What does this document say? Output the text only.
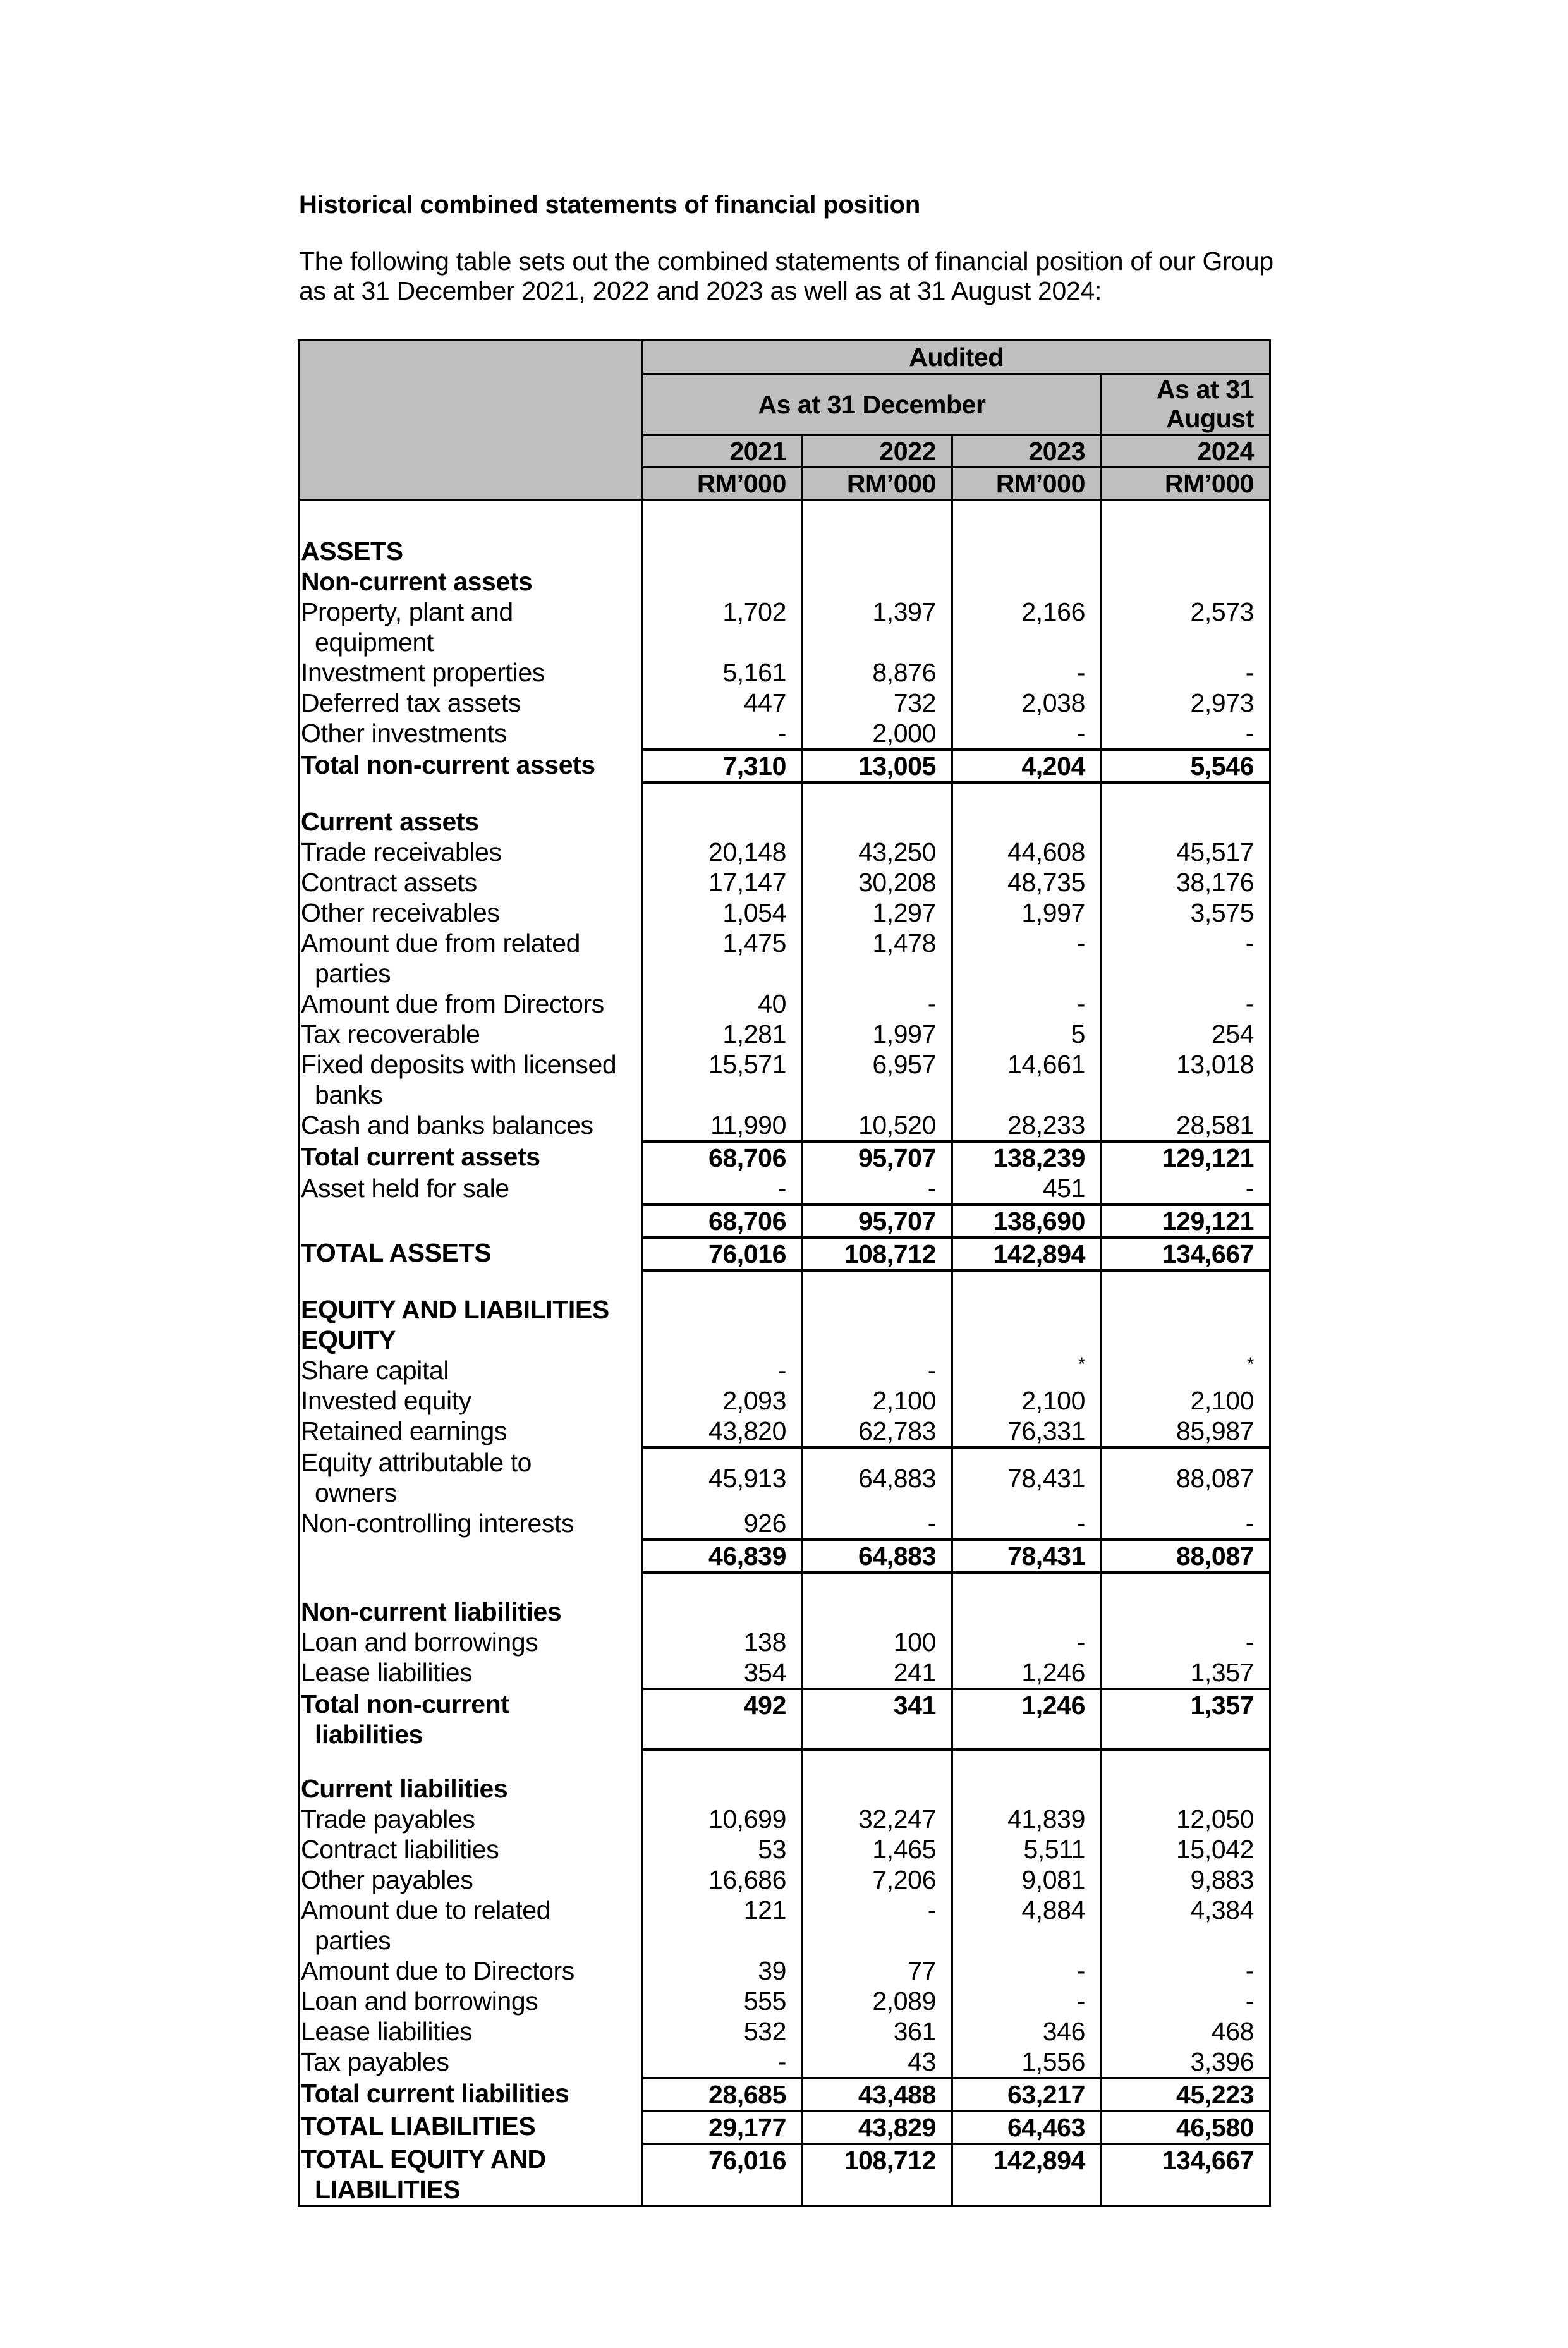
Historical combined statements of financial position

The following table sets out the combined statements of financial position of our Group as at 31 December 2021, 2022 and 2023 as well as at 31 August 2024:

	Audited			
	As at 31 December			As at 31
August
	2021	2022	2023	2024
	RM’000	RM’000	RM’000	RM’000

ASSETS				
Non-current assets				
Property, plant and
equipment	1,702	1,397	2,166	2,573
Investment properties	5,161	8,876	-	-
Deferred tax assets	447	732	2,038	2,973
Other investments	-	2,000	-	-
Total non-current assets	7,310	13,005	4,204	5,546

Current assets				
Trade receivables	20,148	43,250	44,608	45,517
Contract assets	17,147	30,208	48,735	38,176
Other receivables	1,054	1,297	1,997	3,575
Amount due from related
parties	1,475	1,478	-	-
Amount due from Directors	40	-	-	-
Tax recoverable	1,281	1,997	5	254
Fixed deposits with licensed
banks	15,571	6,957	14,661	13,018
Cash and banks balances	11,990	10,520	28,233	28,581
Total current assets	68,706	95,707	138,239	129,121
Asset held for sale	-	-	451	-
	68,706	95,707	138,690	129,121
TOTAL ASSETS	76,016	108,712	142,894	134,667

EQUITY AND LIABILITIES				
EQUITY				
Share capital	-	-	*	*
Invested equity	2,093	2,100	2,100	2,100
Retained earnings	43,820	62,783	76,331	85,987
Equity attributable to
owners	45,913	64,883	78,431	88,087
Non-controlling interests	926	-	-	-
	46,839	64,883	78,431	88,087

Non-current liabilities				
Loan and borrowings	138	100	-	-
Lease liabilities	354	241	1,246	1,357
Total non-current
liabilities	492	341	1,246	1,357

Current liabilities				
Trade payables	10,699	32,247	41,839	12,050
Contract liabilities	53	1,465	5,511	15,042
Other payables	16,686	7,206	9,081	9,883
Amount due to related
parties	121	-	4,884	4,384
Amount due to Directors	39	77	-	-
Loan and borrowings	555	2,089	-	-
Lease liabilities	532	361	346	468
Tax payables	-	43	1,556	3,396
Total current liabilities	28,685	43,488	63,217	45,223
TOTAL LIABILITIES	29,177	43,829	64,463	46,580
TOTAL EQUITY AND
LIABILITIES	76,016	108,712	142,894	134,667
